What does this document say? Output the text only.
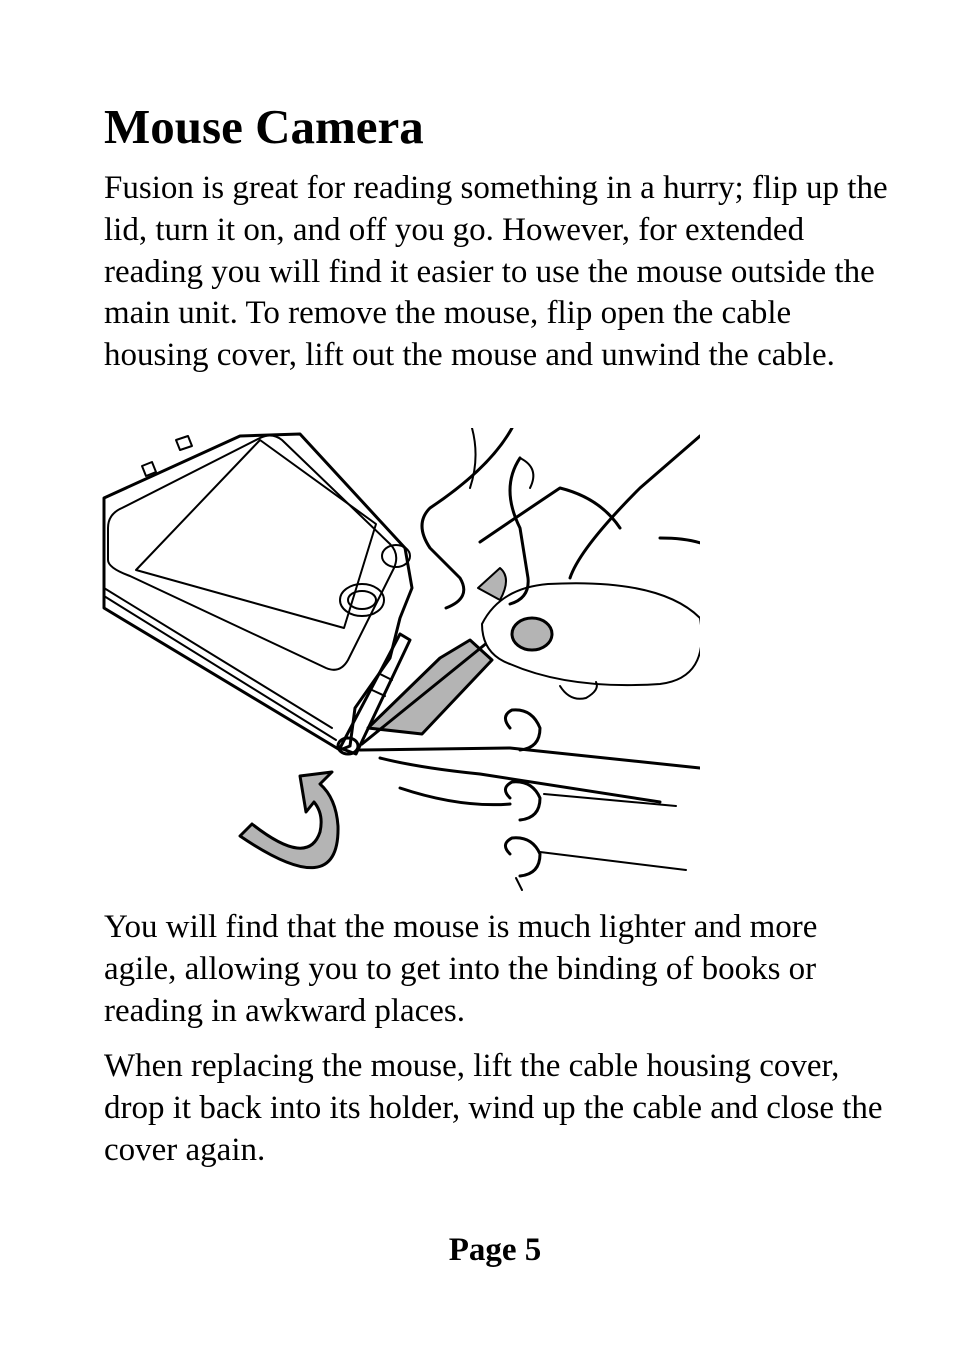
Mouse Camera

Fusion is great for reading something in a hurry; flip up the lid, turn it on, and off you go. However, for extended reading you will find it easier to use the mouse outside the main unit. To remove the mouse, flip open the cable housing cover, lift out the mouse and unwind the cable.

You will find that the mouse is much lighter and more agile, allowing you to get into the binding of books or reading in awkward places.

When replacing the mouse, lift the cable housing cover, drop it back into its holder, wind up the cable and close the cover again.

Page 5
